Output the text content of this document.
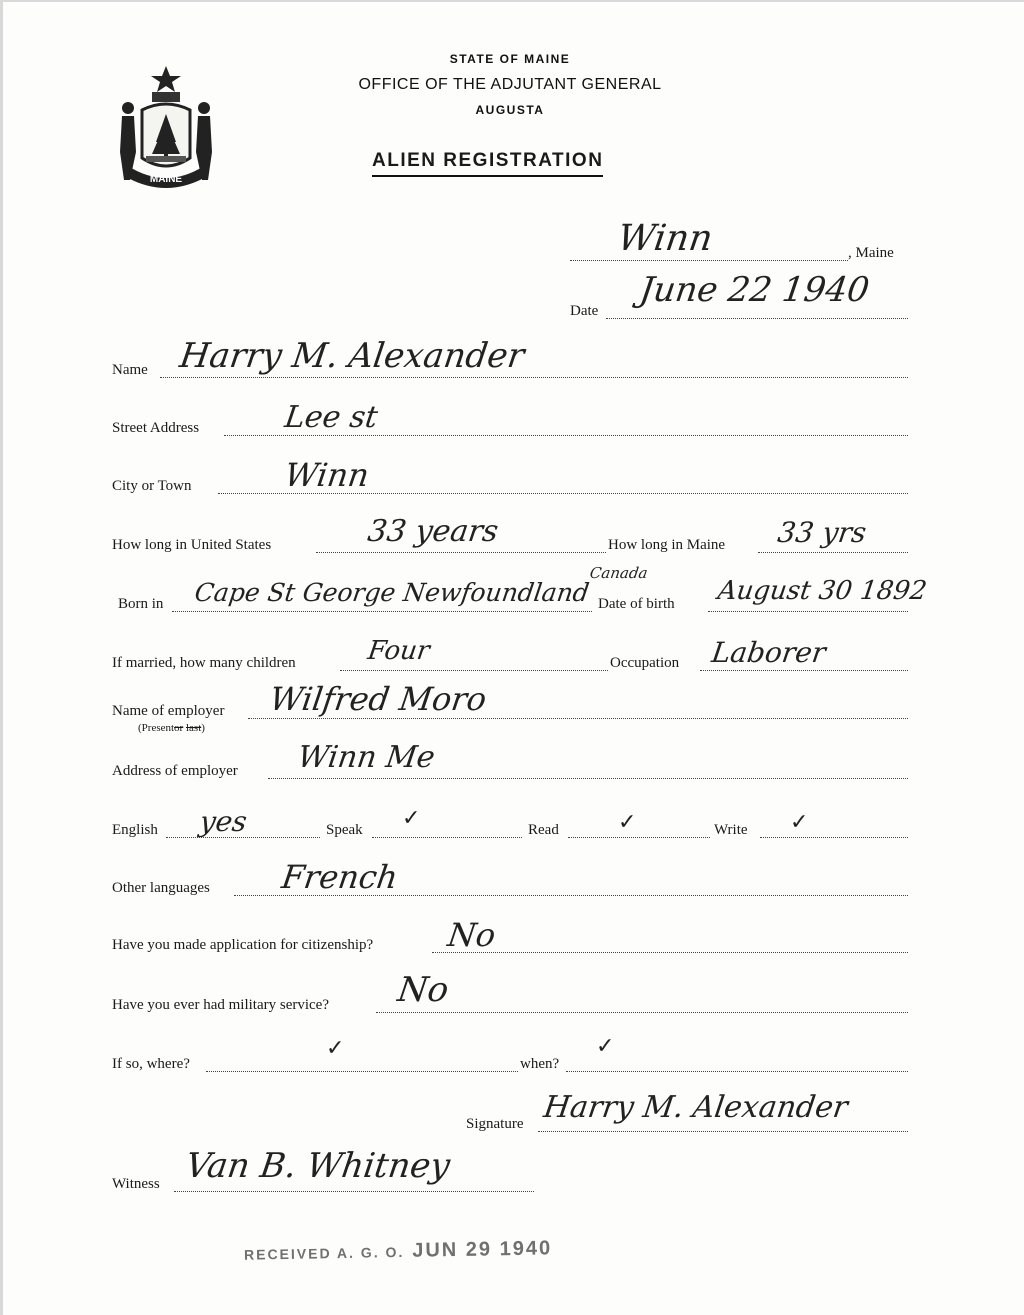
MAINE
STATE OF MAINE
OFFICE OF THE ADJUTANT GENERAL
AUGUSTA
ALIEN REGISTRATION
Winn	, Maine
Date
June 22 1940
Name Harry M. Alexander
Street Address	Lee st
City or Town	Winn
How long in United States	33 years	How long in Maine 33 yrs
Born in Cape St George Newfoundland
Canada
Date of birth August 30 1892
If married, how many children	Four	Occupation Laborer
Name of employer
(Presentor last)
Wilfred Moro
Address of employer Winn Me
English yes	Speak ✓	Read	✓	Write ✓
Other languages French
Have you made application for citizenship? No
Have you ever had military service? No
If so, where?
✓
when?
✓
Signature Harry M. Alexander
Witness Van B. Whitney
RECEIVED A. G. O. JUN 29 1940
